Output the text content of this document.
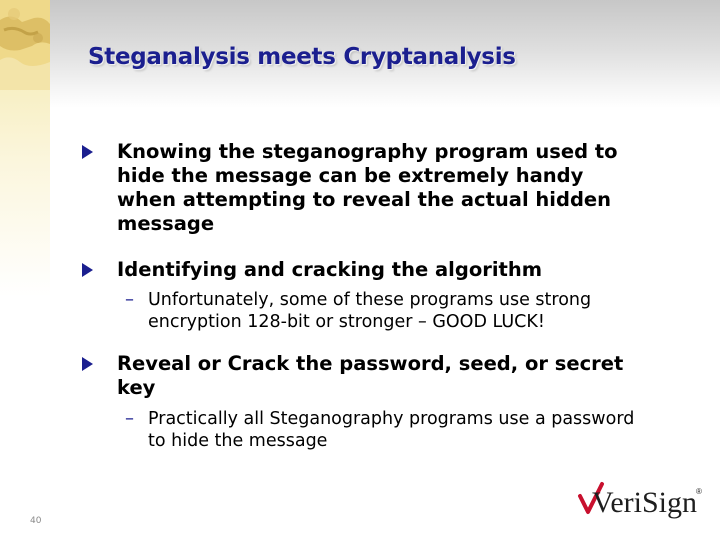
Steganalysis meets Cryptanalysis
Knowing the steganography program used to
hide the message can be extremely handy
when attempting to reveal the actual hidden
message
Identifying and cracking the algorithm
– Unfortunately, some of these programs use strong
encryption 128-bit or stronger – GOOD LUCK!
Reveal or Crack the password, seed, or secret
key
– Practically all Steganography programs use a password
to hide the message
VeriSign ®
40
